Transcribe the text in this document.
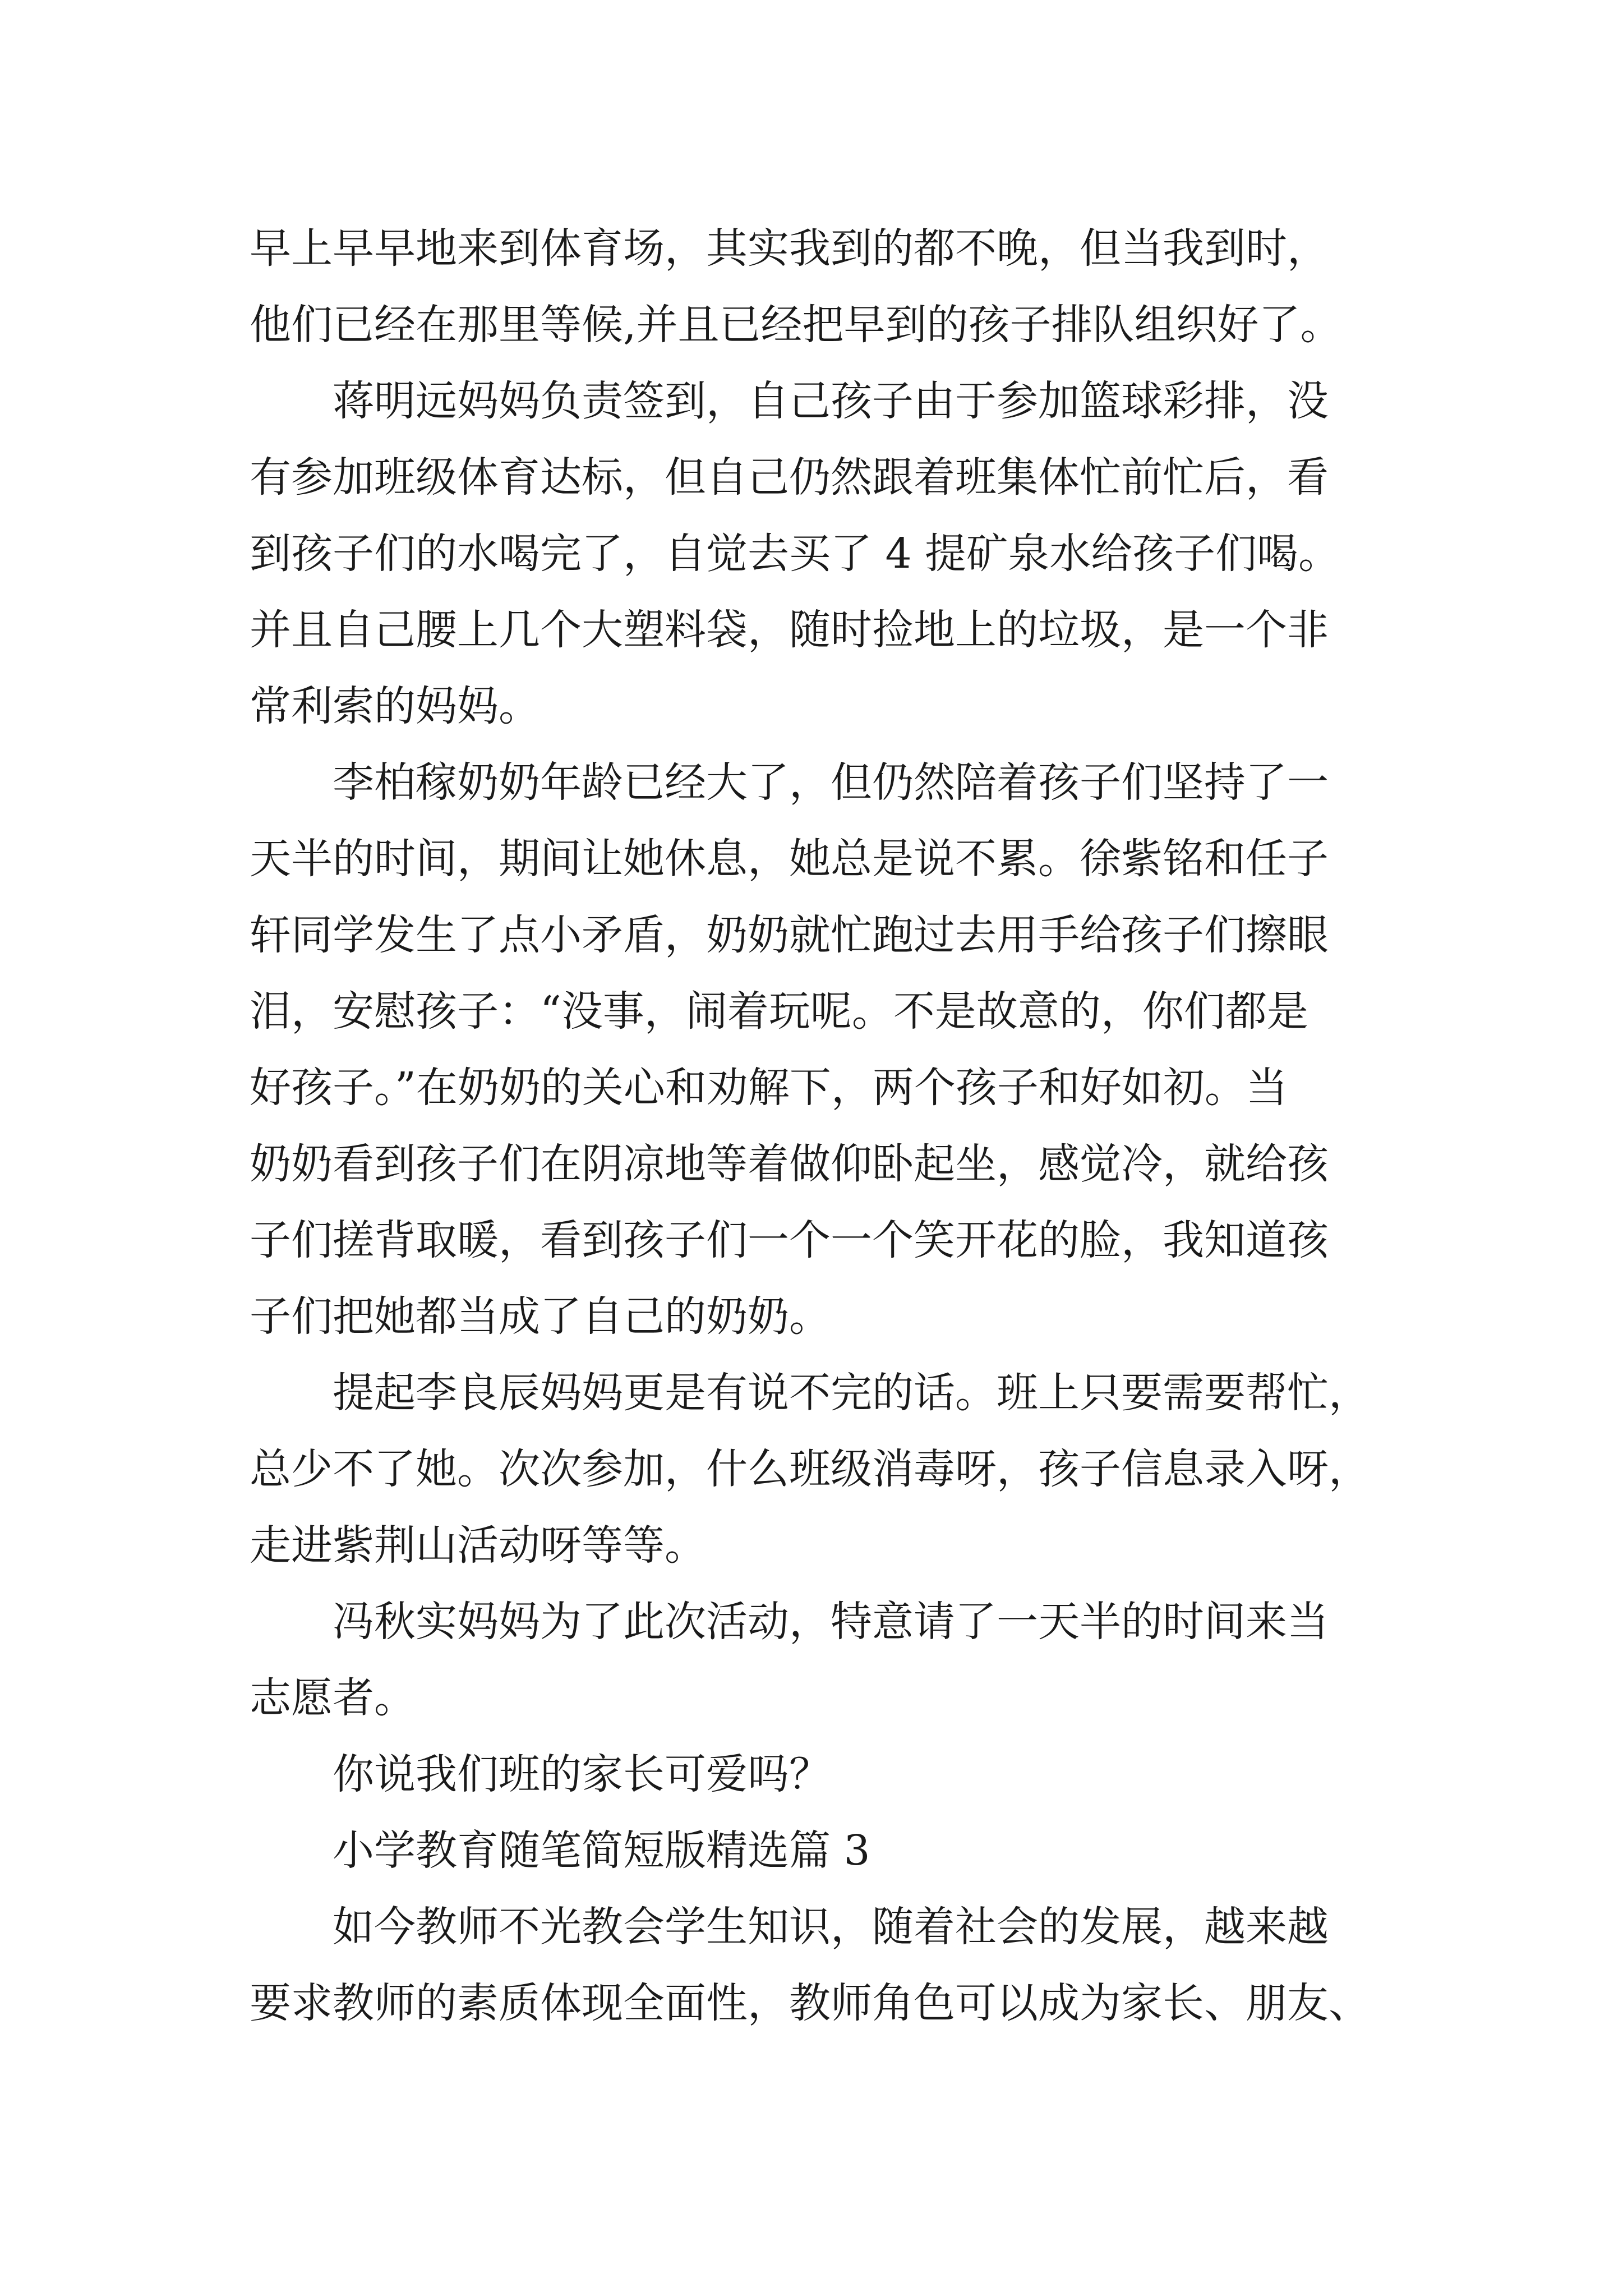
早上早早地来到体育场，其实我到的都不晚，但当我到时，
他们已经在那里等候,并且已经把早到的孩子排队组织好了。
蒋明远妈妈负责签到，自己孩子由于参加篮球彩排，没
有参加班级体育达标，但自己仍然跟着班集体忙前忙后，看
到孩子们的水喝完了，自觉去买了 4 提矿泉水给孩子们喝。
并且自己腰上几个大塑料袋，随时捡地上的垃圾，是一个非
常利索的妈妈。
李柏稼奶奶年龄已经大了，但仍然陪着孩子们坚持了一
天半的时间，期间让她休息，她总是说不累。徐紫铭和任子
轩同学发生了点小矛盾，奶奶就忙跑过去用手给孩子们擦眼
泪，安慰孩子：“没事，闹着玩呢。不是故意的，你们都是
好孩子。”在奶奶的关心和劝解下，两个孩子和好如初。当
奶奶看到孩子们在阴凉地等着做仰卧起坐，感觉冷，就给孩
子们搓背取暖，看到孩子们一个一个笑开花的脸，我知道孩
子们把她都当成了自己的奶奶。
提起李良辰妈妈更是有说不完的话。班上只要需要帮忙，
总少不了她。次次参加，什么班级消毒呀，孩子信息录入呀，
走进紫荆山活动呀等等。
冯秋实妈妈为了此次活动，特意请了一天半的时间来当
志愿者。
你说我们班的家长可爱吗？
小学教育随笔简短版精选篇 3
如今教师不光教会学生知识，随着社会的发展，越来越
要求教师的素质体现全面性，教师角色可以成为家长、朋友、
